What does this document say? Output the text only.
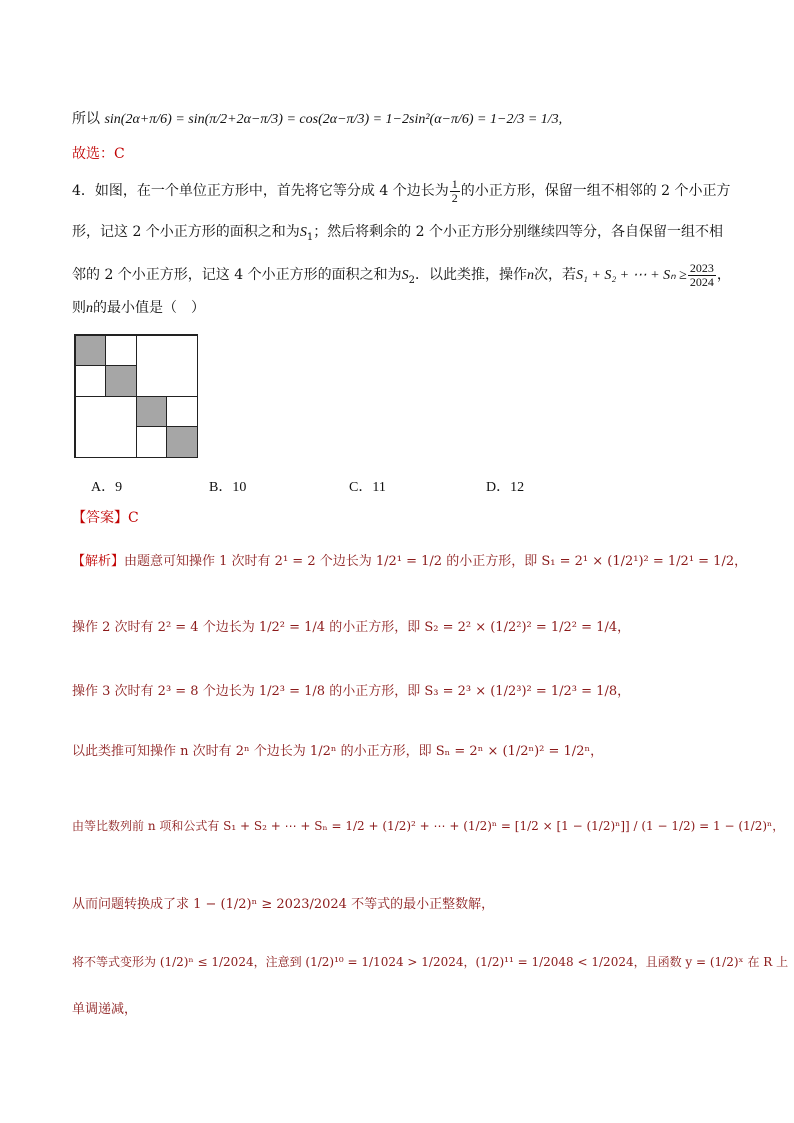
所以 sin(2α+π/6) = sin(π/2+2α−π/3) = cos(2α−π/3) = 1−2sin²(α−π/6) = 1−2/3 = 1/3,
故选：C
4．如图，在一个单位正方形中，首先将它等分成 4 个边长为 $\frac{1}{2}$ 的小正方形，保留一组不相邻的 2 个小正方
形，记这 2 个小正方形的面积之和为$S_1$；然后将剩余的 2 个小正方形分别继续四等分，各自保留一组不相
邻的 2 个小正方形，记这 4 个小正方形的面积之和为$S_2$．以此类推，操作n次，若S₁ + S₂ + ⋯ + $S_n \ge \frac{2023}{2024}$ ，
则n的最小值是（　）
A．9	B．10	C．11	D．12
【答案】C
【解析】由题意可知操作 1 次时有 2¹ = 2 个边长为 1/2¹ = 1/2 的小正方形，即 S₁ = 2¹ × (1/2¹)² = 1/2¹ = 1/2，
操作 2 次时有 2² = 4 个边长为 1/2² = 1/4 的小正方形，即 S₂ = 2² × (1/2²)² = 1/2² = 1/4，
操作 3 次时有 2³ = 8 个边长为 1/2³ = 1/8 的小正方形，即 S₃ = 2³ × (1/2³)² = 1/2³ = 1/8，
以此类推可知操作 n 次时有 2ⁿ 个边长为 1/2ⁿ 的小正方形，即 Sₙ = 2ⁿ × (1/2ⁿ)² = 1/2ⁿ，
由等比数列前 n 项和公式有 S₁ + S₂ + ⋯ + Sₙ = 1/2 + (1/2)² + ⋯ + (1/2)ⁿ = [1/2 × [1 − (1/2)ⁿ]] / (1 − 1/2) = 1 − (1/2)ⁿ，
从而问题转换成了求 1 − (1/2)ⁿ ≥ 2023/2024 不等式的最小正整数解，
将不等式变形为 (1/2)ⁿ ≤ 1/2024，注意到 (1/2)¹⁰ = 1/1024 > 1/2024，(1/2)¹¹ = 1/2048 < 1/2024，且函数 y = (1/2)ˣ 在 R 上
单调递减，
